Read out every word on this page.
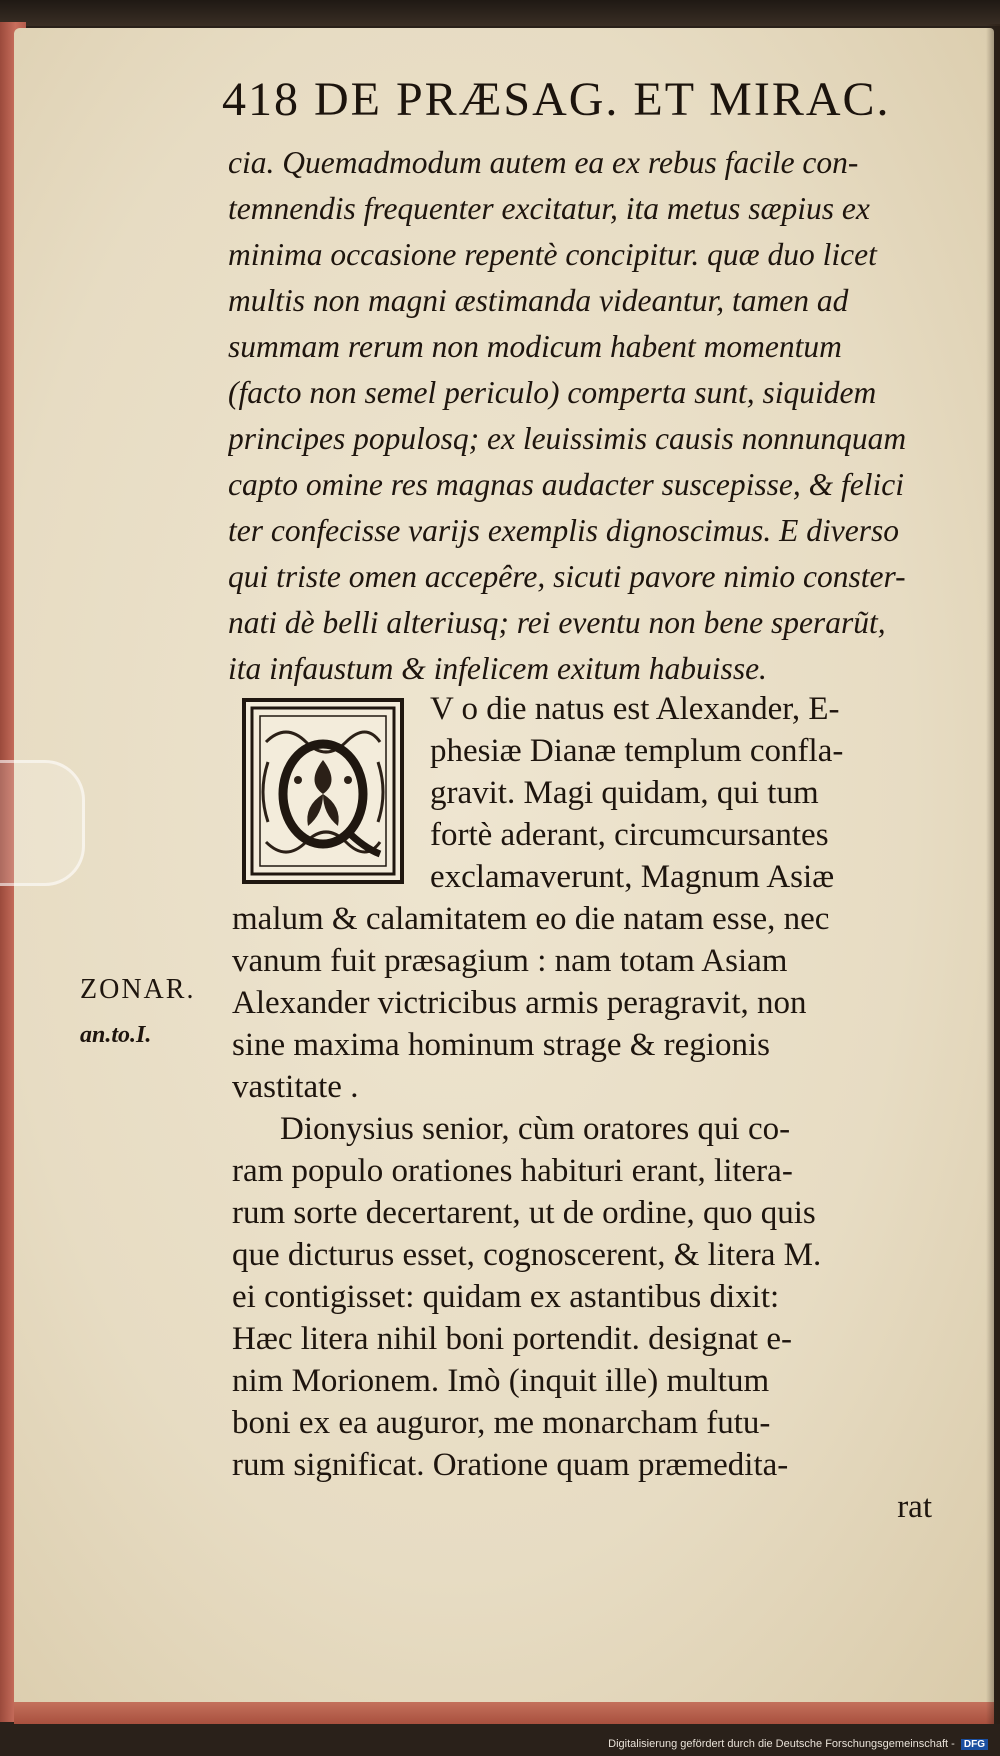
418 DE PRÆSAG. ET MIRAC.
cia. Quemadmodum autem ea ex rebus facile con-
temnendis frequenter excitatur, ita metus sæpius ex
minima occasione repentè concipitur. quæ duo licet
multis non magni æstimanda videantur, tamen ad
summam rerum non modicum habent momentum
(facto non semel periculo) comperta sunt, siquidem
principes populosq; ex leuissimis causis nonnunquam
capto omine res magnas audacter suscepisse, & felici
ter confecisse varijs exemplis dignoscimus. E diverso
qui triste omen accepêre, sicuti pavore nimio conster-
nati dè belli alteriusq; rei eventu non bene sperarũt,
ita infaustum & infelicem exitum habuisse.
V o die natus est Alexander, E-
phesiæ Dianæ templum confla-
gravit. Magi quidam, qui tum
fortè aderant, circumcursantes
exclamaverunt, Magnum Asiæ
malum & calamitatem eo die natam esse, nec
vanum fuit præsagium : nam totam Asiam
Alexander victricibus armis peragravit, non
sine maxima hominum strage & regionis
vastitate .
Dionysius senior, cùm oratores qui co-
ram populo orationes habituri erant, litera-
rum sorte decertarent, ut de ordine, quo quis
que dicturus esset, cognoscerent, & litera M.
ei contigisset: quidam ex astantibus dixit:
Hæc litera nihil boni portendit. designat e-
nim Morionem. Imò (inquit ille) multum
boni ex ea auguror, me monarcham futu-
rum significat. Oratione quam præmedita-
rat
ZONAR.
an.to.I.
Digitalisierung gefördert durch die Deutsche Forschungsgemeinschaft - DFG
